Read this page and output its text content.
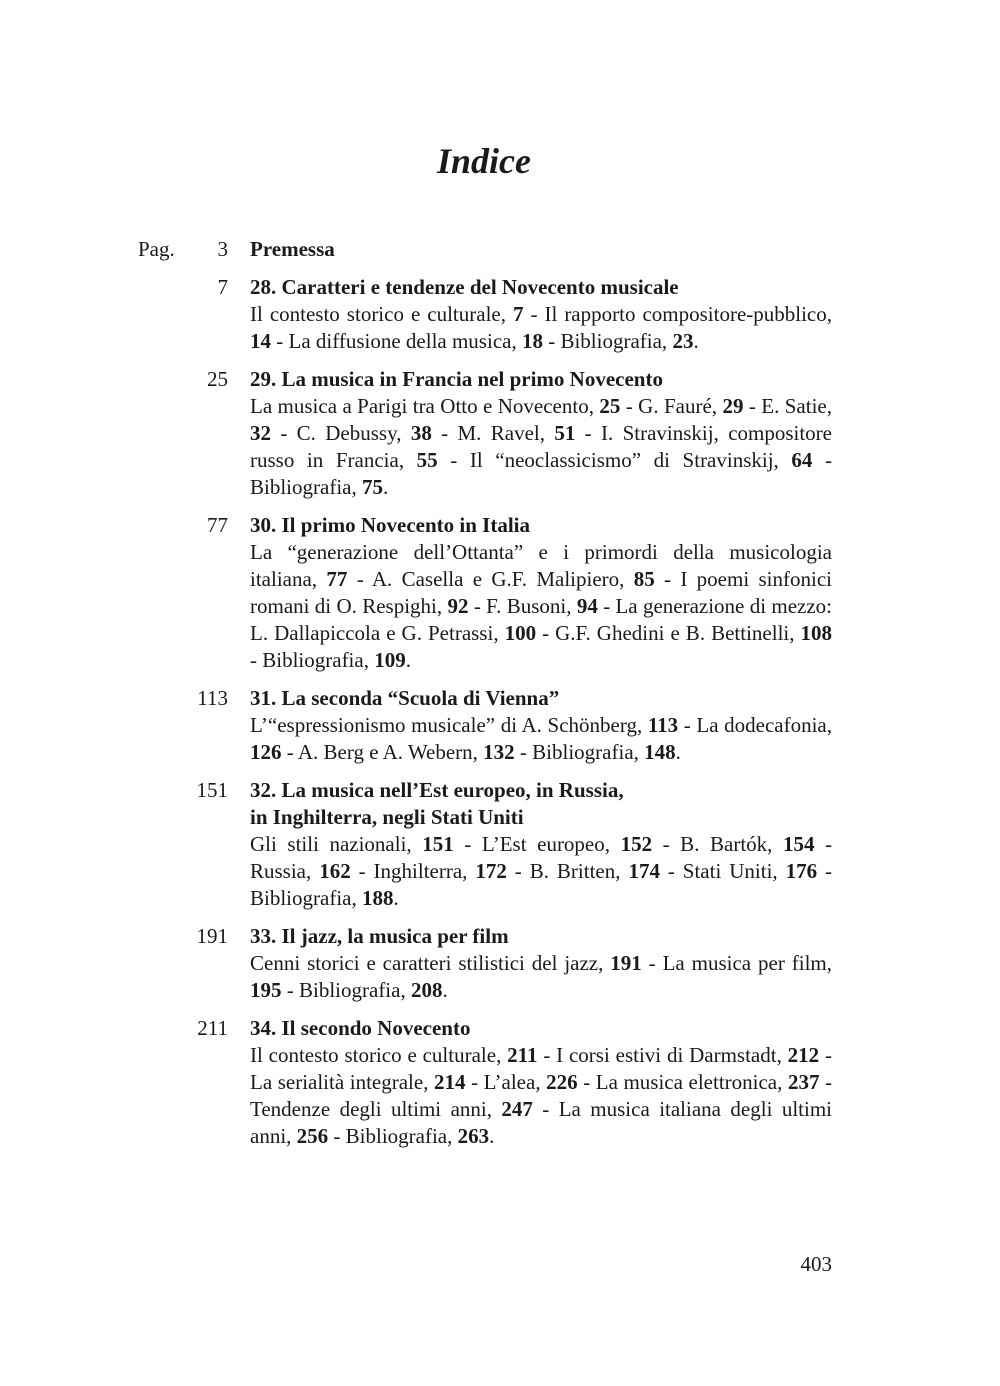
Indice
Pag.	3 Premessa
7 28. Caratteri e tendenze del Novecento musicale
Il contesto storico e culturale, 7 - Il rapporto compositore-pubblico, 14 - La diffusione della musica, 18 - Bibliografia, 23.
25 29. La musica in Francia nel primo Novecento
La musica a Parigi tra Otto e Novecento, 25 - G. Fauré, 29 - E. Satie, 32 - C. Debussy, 38 - M. Ravel, 51 - I. Stravinskij, compositore russo in Francia, 55 - Il “neoclassicismo” di Stravinskij, 64 - Bibliografia, 75.
77 30. Il primo Novecento in Italia
La “generazione dell’Ottanta” e i primordi della musicologia italiana, 77 - A. Casella e G.F. Malipiero, 85 - I poemi sinfonici romani di O. Respighi, 92 - F. Busoni, 94 - La generazione di mezzo: L. Dallapiccola e G. Petrassi, 100 - G.F. Ghedini e B. Bettinelli, 108 - Bibliografia, 109.
113 31. La seconda “Scuola di Vienna”
L’“espressionismo musicale” di A. Schönberg, 113 - La dodecafonia, 126 - A. Berg e A. Webern, 132 - Bibliografia, 148.
151 32. La musica nell’Est europeo, in Russia,
in Inghilterra, negli Stati Uniti
Gli stili nazionali, 151 - L’Est europeo, 152 - B. Bartók, 154 - Russia, 162 - Inghilterra, 172 - B. Britten, 174 - Stati Uniti, 176 - Bibliografia, 188.
191 33. Il jazz, la musica per film
Cenni storici e caratteri stilistici del jazz, 191 - La musica per film, 195 - Bibliografia, 208.
211 34. Il secondo Novecento
Il contesto storico e culturale, 211 - I corsi estivi di Darmstadt, 212 - La serialità integrale, 214 - L’alea, 226 - La musica elettronica, 237 - Tendenze degli ultimi anni, 247 - La musica italiana degli ultimi anni, 256 - Bibliografia, 263.
403
